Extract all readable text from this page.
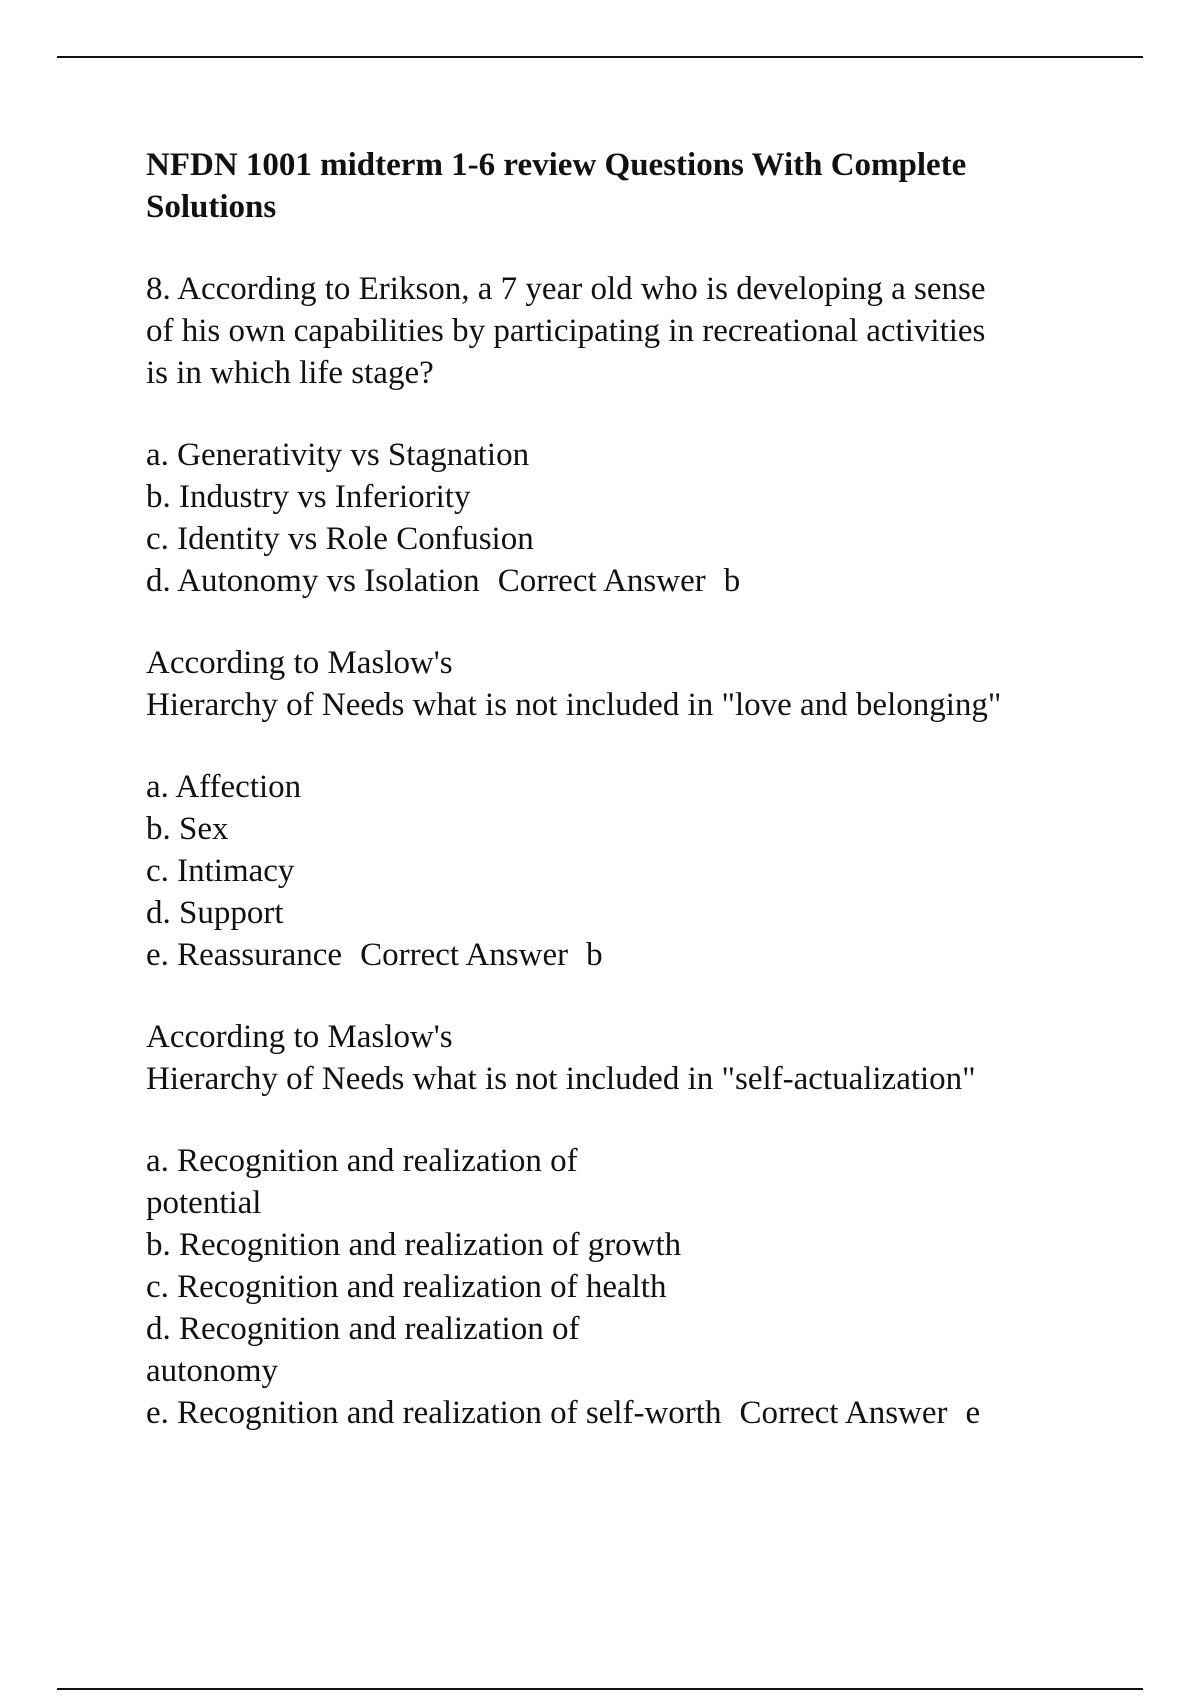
NFDN 1001 midterm 1-6 review Questions With Complete
Solutions
8. According to Erikson, a 7 year old who is developing a sense
of his own capabilities by participating in recreational activities
is in which life stage?
a. Generativity vs Stagnation
b. Industry vs Inferiority
c. Identity vs Role Confusion
d. Autonomy vs Isolation Correct Answer b
According to Maslow's
Hierarchy of Needs what is not included in "love and belonging"
a. Affection
b. Sex
c. Intimacy
d. Support
e. Reassurance Correct Answer b
According to Maslow's
Hierarchy of Needs what is not included in "self-actualization"
a. Recognition and realization of
potential
b. Recognition and realization of growth
c. Recognition and realization of health
d. Recognition and realization of
autonomy
e. Recognition and realization of self-worth Correct Answer e
